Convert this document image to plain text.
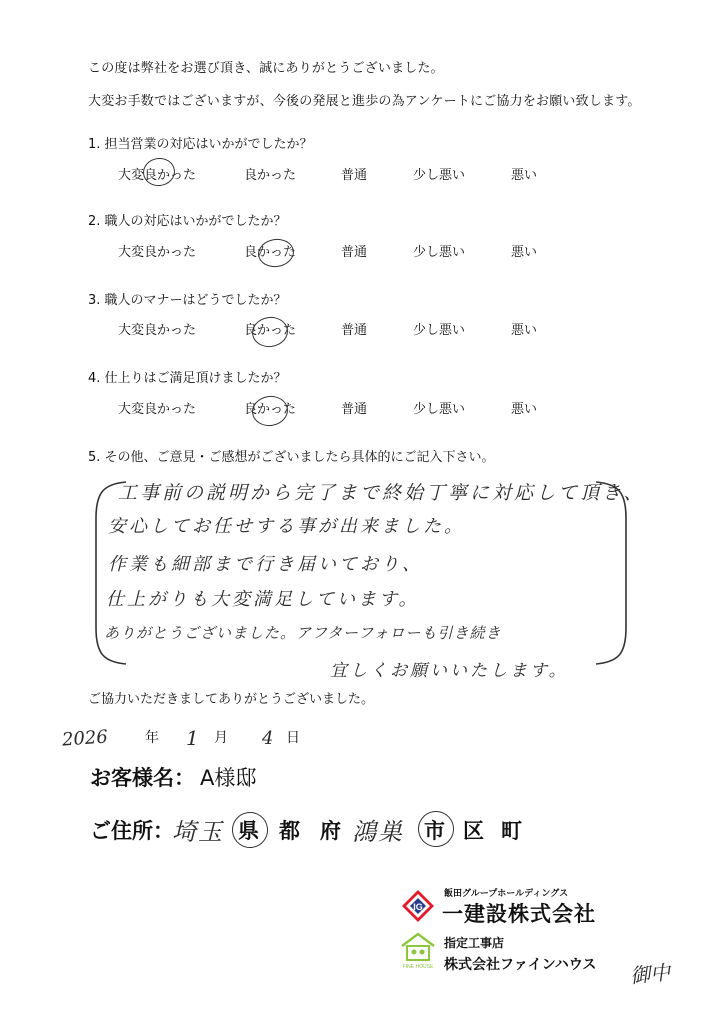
この度は弊社をお選び頂き、誠にありがとうございました。
大変お手数ではございますが、今後の発展と進歩の為アンケートにご協力をお願い致します。
1. 担当営業の対応はいかがでしたか？
大変良かった	良かった	普通	少し悪い	悪い
2. 職人の対応はいかがでしたか？
大変良かった	良かった	普通	少し悪い	悪い
3. 職人のマナーはどうでしたか？
大変良かった	良かった	普通	少し悪い	悪い
4. 仕上りはご満足頂けましたか？
大変良かった	良かった	普通	少し悪い	悪い
5. その他、ご意見・ご感想がございましたら具体的にご記入下さい。
工事前の説明から完了まで終始丁寧に対応して頂き、
安心してお任せする事が出来ました。
作業も細部まで行き届いており、
仕上がりも大変満足しています。
ありがとうございました。アフターフォローも引き続き
宜しくお願いいたします。
ご協力いただきましてありがとうございました。
2026	年 1 月 4 日
お客様名： A様邸
ご住所：
埼玉 県 都 府 鴻巣 市 区 町
IG
飯田グループホールディングス
一建設株式会社
FINE HOUSE
指定工事店
株式会社ファインハウス 御中
